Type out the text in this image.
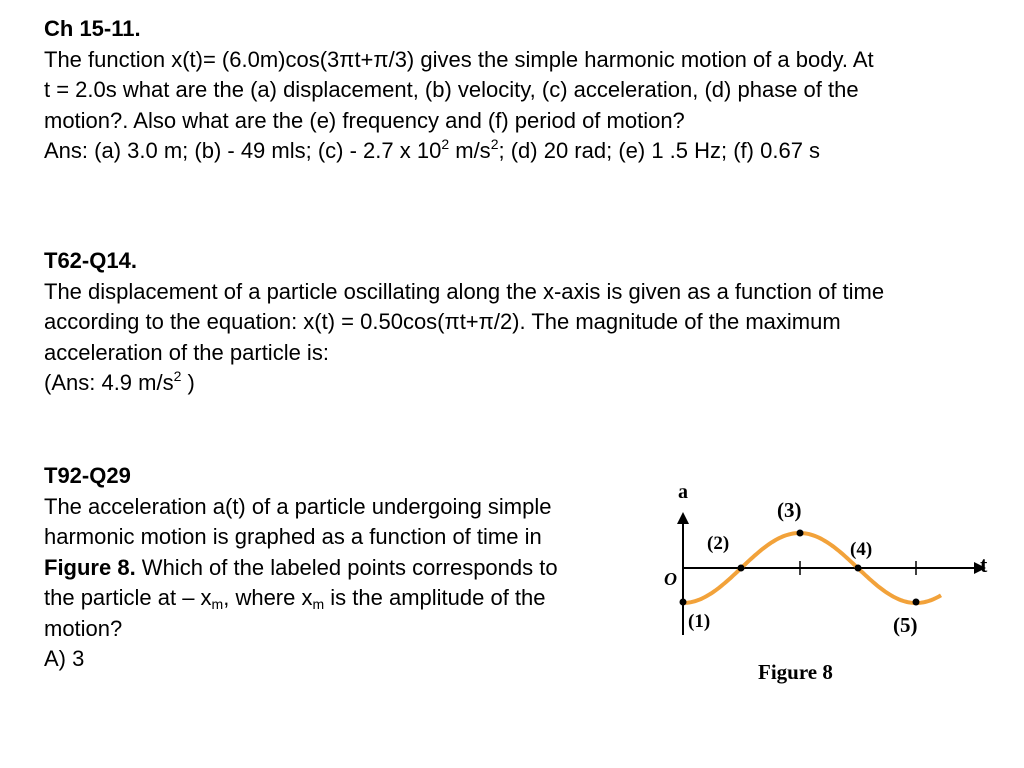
Ch 15-11.

The function x(t)= (6.0m)cos(3πt+π/3) gives the simple harmonic motion of a body. At

t = 2.0s what are the (a) displacement, (b) velocity, (c) acceleration, (d) phase of the

motion?. Also what are the (e) frequency and (f) period of motion?

Ans: (a) 3.0 m; (b) - 49 mls; (c) - 2.7 x $10^2$ $m/s^2$; (d) 20 rad; (e) 1 .5 Hz; (f) 0.67 s

T62-Q14.

The displacement of a particle oscillating along the x-axis is given as a function of time

according to the equation: x(t) = 0.50cos(πt+π/2). The magnitude of the maximum

acceleration of the particle is:

(Ans: 4.9 $m/s^2$ )

T92-Q29

The acceleration a(t) of a particle undergoing simple

harmonic motion is graphed as a function of time in

Figure 8. Which of the labeled points corresponds to

the particle at – $x_m$, where $x_m$ is the amplitude of the

motion?

A) 3

a
t
O
(1)
(2)
(3)
(4)
(5)
Figure 8
